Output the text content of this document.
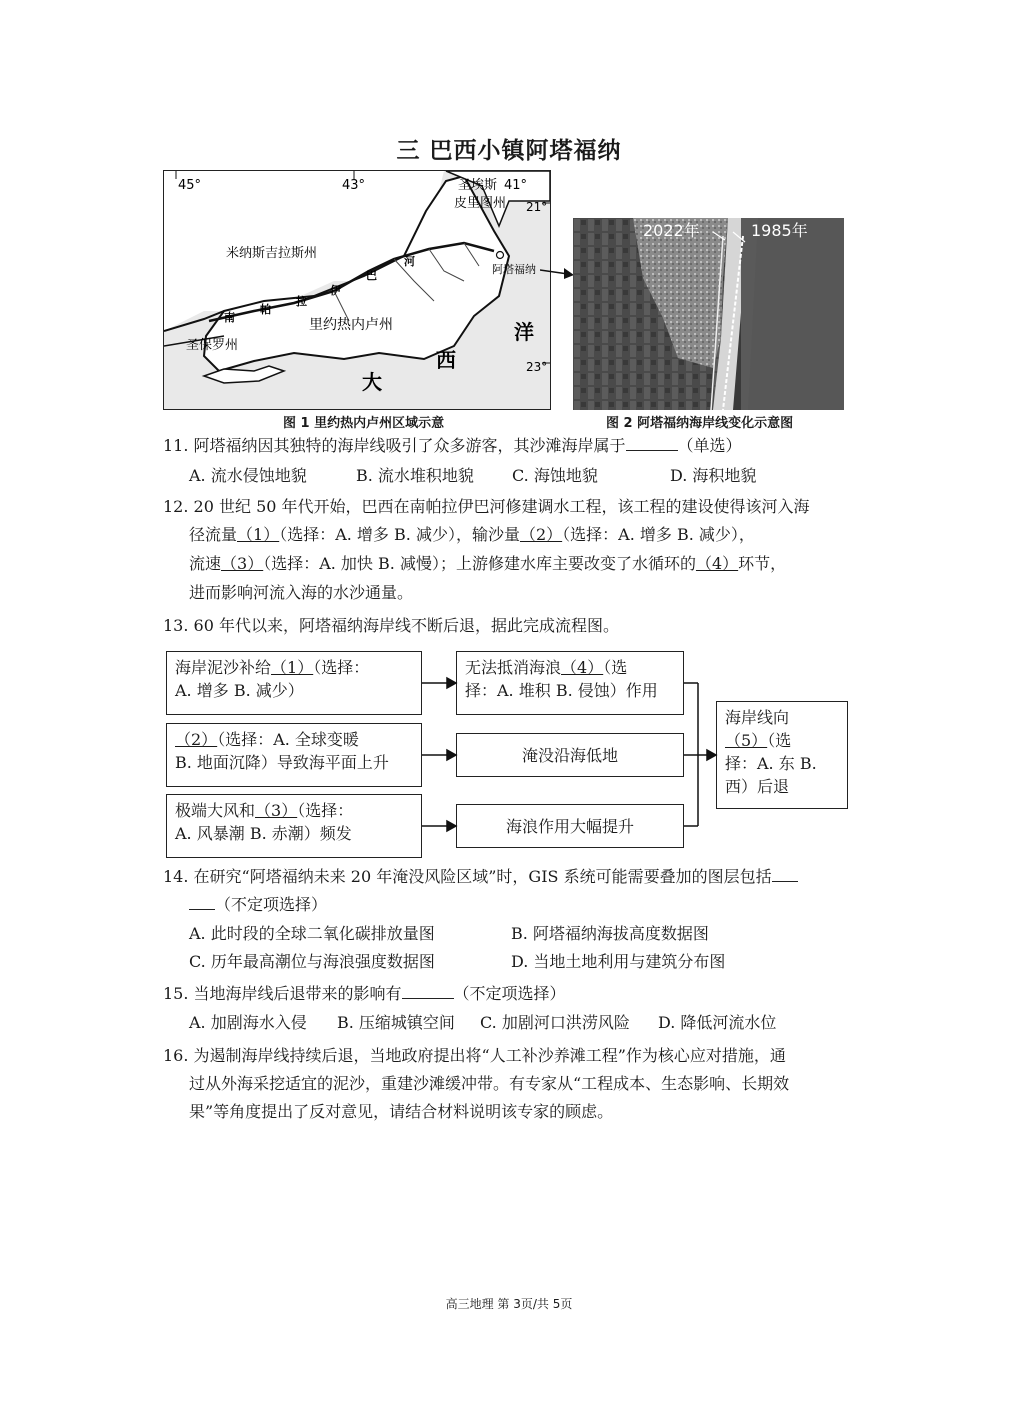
三 巴西小镇阿塔福纳
45°	43°	41°
21°
23°
米纳斯吉拉斯州
圣埃斯
皮里图州
里约热内卢州
圣保罗州
南
帕
拉
伊
巴
河
阿塔福纳
大
西
洋
图 1 里约热内卢州区域示意
2022年	1985年
图 2 阿塔福纳海岸线变化示意图
11. 阿塔福纳因其独特的海岸线吸引了众多游客，其沙滩海岸属于	（单选）
A. 流水侵蚀地貌	B. 流水堆积地貌 C. 海蚀地貌	D. 海积地貌
12. 20 世纪 50 年代开始，巴西在南帕拉伊巴河修建调水工程，该工程的建设使得该河入海
径流量（1）（选择：A. 增多 B. 减少），输沙量（2）（选择：A. 增多 B. 减少），
流速（3）（选择：A. 加快 B. 减慢）；上游修建水库主要改变了水循环的（4）环节，
进而影响河流入海的水沙通量。
13. 60 年代以来，阿塔福纳海岸线不断后退，据此完成流程图。
海岸泥沙补给（1）（选择：
A. 增多 B. 减少）
（2）（选择：A. 全球变暖
B. 地面沉降）导致海平面上升
极端大风和（3）（选择：
A. 风暴潮 B. 赤潮）频发
无法抵消海浪（4）（选
择：A. 堆积 B. 侵蚀）作用
淹没沿海低地
海浪作用大幅提升
海岸线向
（5）（选
择：A. 东 B.
西）后退
14. 在研究“阿塔福纳未来 20 年淹没风险区域”时，GIS 系统可能需要叠加的图层包括
（不定项选择）
A. 此时段的全球二氧化碳排放量图	B. 阿塔福纳海拔高度数据图
C. 历年最高潮位与海浪强度数据图	D. 当地土地利用与建筑分布图
15. 当地海岸线后退带来的影响有	（不定项选择）
A. 加剧海水入侵 B. 压缩城镇空间 C. 加剧河口洪涝风险 D. 降低河流水位
16. 为遏制海岸线持续后退，当地政府提出将“人工补沙养滩工程”作为核心应对措施，通
过从外海采挖适宜的泥沙，重建沙滩缓冲带。有专家从“工程成本、生态影响、长期效
果”等角度提出了反对意见，请结合材料说明该专家的顾虑。
高三地理 第 3页/共 5页
